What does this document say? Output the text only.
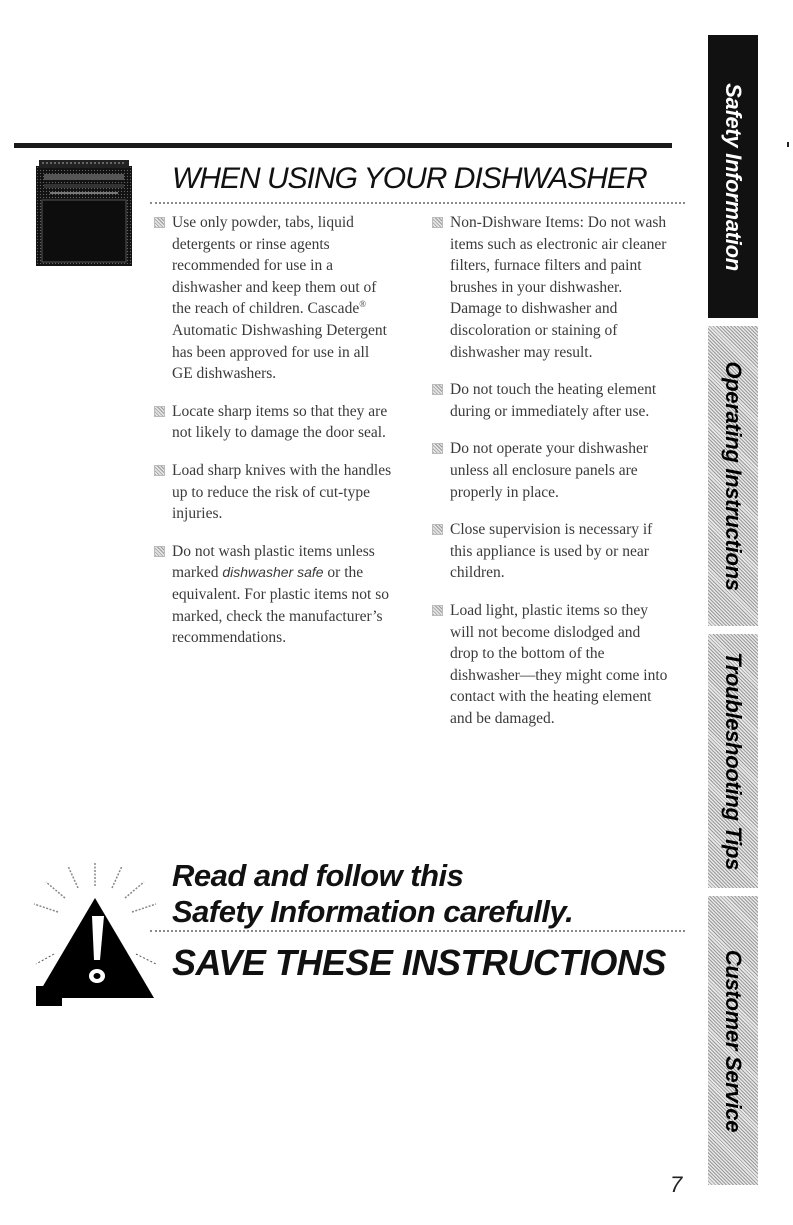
WHEN USING YOUR DISHWASHER

Use only powder, tabs, liquid detergents or rinse agents recommended for use in a dishwasher and keep them out of the reach of children. Cascade® Automatic Dishwashing Detergent has been approved for use in all GE dishwashers.

Locate sharp items so that they are not likely to damage the door seal.

Load sharp knives with the handles up to reduce the risk of cut-type injuries.

Do not wash plastic items unless marked dishwasher safe or the equivalent. For plastic items not so marked, check the manufacturer’s recommendations.

Non-Dishware Items: Do not wash items such as electronic air cleaner filters, furnace filters and paint brushes in your dishwasher. Damage to dishwasher and discoloration or staining of dishwasher may result.

Do not touch the heating element during or immediately after use.

Do not operate your dishwasher unless all enclosure panels are properly in place.

Close supervision is necessary if this appliance is used by or near children.

Load light, plastic items so they will not become dislodged and drop to the bottom of the dishwasher—they might come into contact with the heating element and be damaged.

Read and follow this
Safety Information carefully.
SAVE THESE INSTRUCTIONS
7
Safety Information
Operating Instructions
Troubleshooting Tips
Customer Service
